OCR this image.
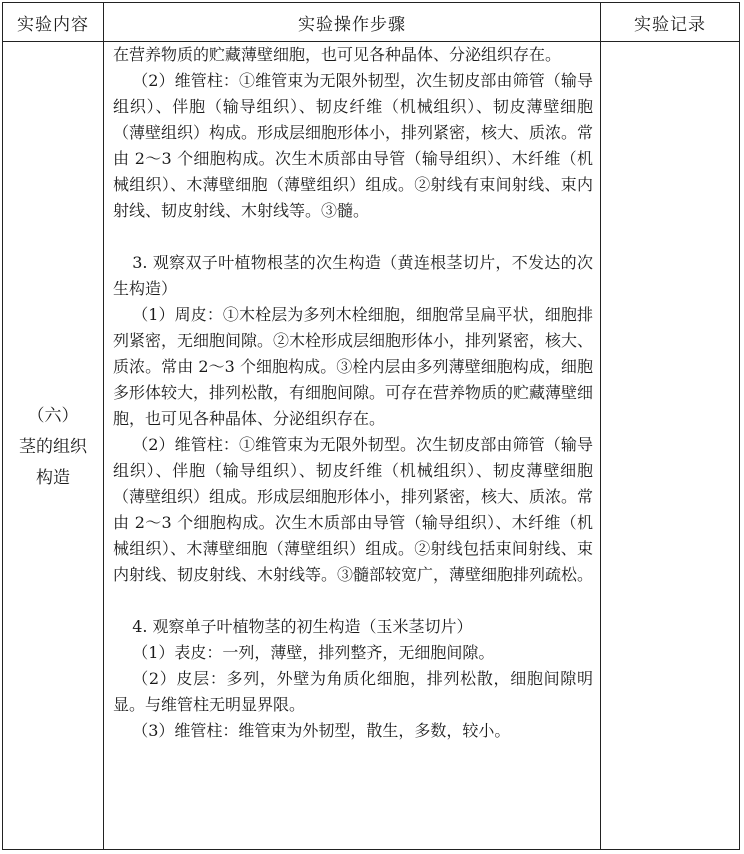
实验内容	实验操作步骤	实验记录
（六）
茎的组织
构造

在营养物质的贮藏薄壁细胞，也可见各种晶体、分泌组织存在。

（2）维管柱：①维管束为无限外韧型，次生韧皮部由筛管（输导组织）、伴胞（输导组织）、韧皮纤维（机械组织）、韧皮薄壁细胞（薄壁组织）构成。形成层细胞形体小，排列紧密，核大、质浓。常由 2～3 个细胞构成。次生木质部由导管（输导组织）、木纤维（机械组织）、木薄壁细胞（薄壁组织）组成。②射线有束间射线、束内射线、韧皮射线、木射线等。③髓。

3. 观察双子叶植物根茎的次生构造（黄连根茎切片，不发达的次生构造）

（1）周皮：①木栓层为多列木栓细胞，细胞常呈扁平状，细胞排列紧密，无细胞间隙。②木栓形成层细胞形体小，排列紧密，核大、质浓。常由 2～3 个细胞构成。③栓内层由多列薄壁细胞构成，细胞多形体较大，排列松散，有细胞间隙。可存在营养物质的贮藏薄壁细胞，也可见各种晶体、分泌组织存在。

（2）维管柱：①维管束为无限外韧型。次生韧皮部由筛管（输导组织）、伴胞（输导组织）、韧皮纤维（机械组织）、韧皮薄壁细胞（薄壁组织）组成。形成层细胞形体小，排列紧密，核大、质浓。常由 2～3 个细胞构成。次生木质部由导管（输导组织）、木纤维（机械组织）、木薄壁细胞（薄壁组织）组成。②射线包括束间射线、束内射线、韧皮射线、木射线等。③髓部较宽广，薄壁细胞排列疏松。

4. 观察单子叶植物茎的初生构造（玉米茎切片）

（1）表皮：一列，薄壁，排列整齐，无细胞间隙。

（2）皮层：多列，外壁为角质化细胞，排列松散，细胞间隙明显。与维管柱无明显界限。

（3）维管柱：维管束为外韧型，散生，多数，较小。
